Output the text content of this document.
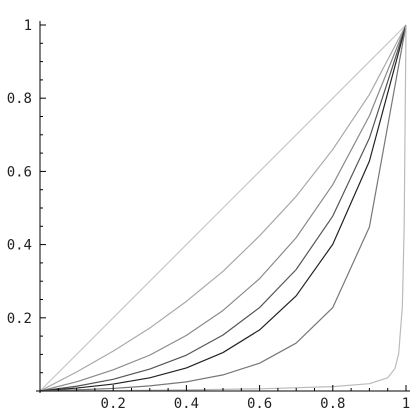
0.2	0.4	0.6	0.8	1
0.2
0.4
0.6
0.8
1
